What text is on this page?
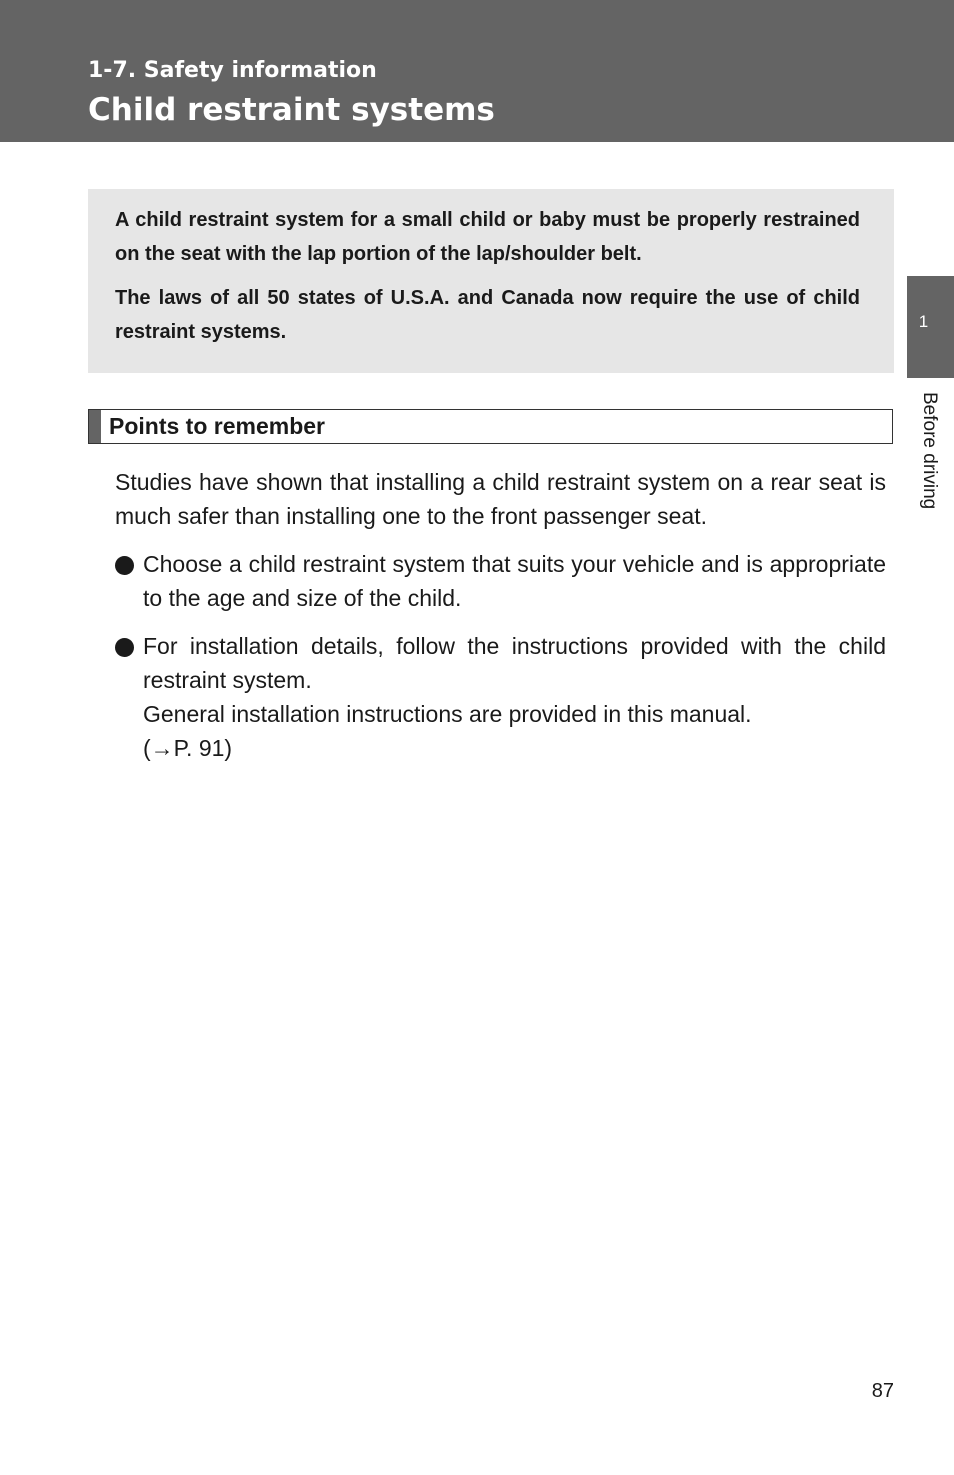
1-7. Safety information
Child restraint systems
1
Before driving

A child restraint system for a small child or baby must be properly restrained on the seat with the lap portion of the lap/shoulder belt.

The laws of all 50 states of U.S.A. and Canada now require the use of child restraint systems.

Points to remember

Studies have shown that installing a child restraint system on a rear seat is much safer than installing one to the front passenger seat.

Choose a child restraint system that suits your vehicle and is appropriate to the age and size of the child.
For installation details, follow the instructions provided with the child restraint system.
General installation instructions are provided in this manual.
(→P. 91)
87
